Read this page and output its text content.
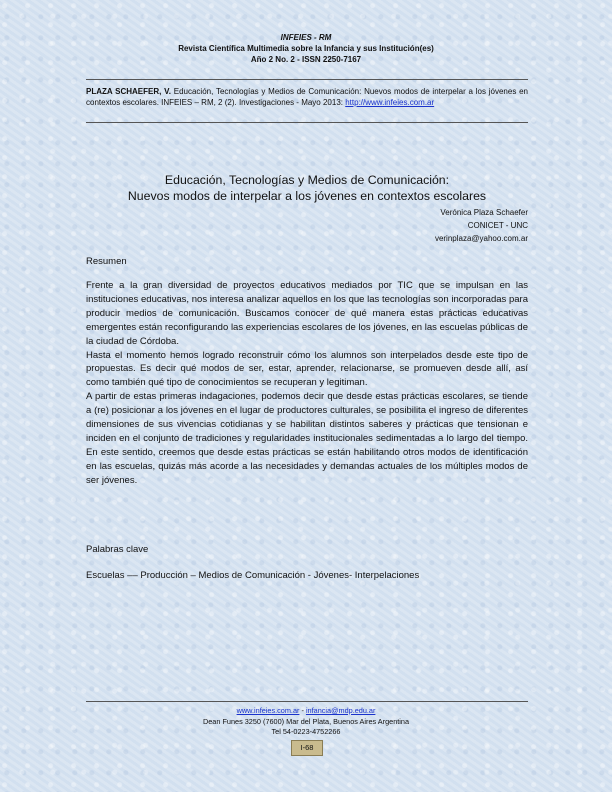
INFEIES - RM
Revista Científica Multimedia sobre la Infancia y sus Institución(es)
Año 2 No. 2 - ISSN 2250-7167
PLAZA SCHAEFER, V. Educación, Tecnologías y Medios de Comunicación: Nuevos modos de interpelar a los jóvenes en contextos escolares. INFEIES – RM, 2 (2). Investigaciones - Mayo 2013: http://www.infeies.com.ar
Educación, Tecnologías y Medios de Comunicación:
Nuevos modos de interpelar a los jóvenes en contextos escolares
Verónica Plaza Schaefer
CONICET - UNC
verinplaza@yahoo.com.ar
Resumen

Frente a la gran diversidad de proyectos educativos mediados por TIC que se impulsan en las instituciones educativas, nos interesa analizar aquellos en los que las tecnologías son incorporadas para producir medios de comunicación. Buscamos conocer de qué manera estas prácticas educativas emergentes están reconfigurando las experiencias escolares de los jóvenes, en las escuelas públicas de la ciudad de Córdoba.

Hasta el momento hemos logrado reconstruir cómo los alumnos son interpelados desde este tipo de propuestas. Es decir qué modos de ser, estar, aprender, relacionarse, se promueven desde allí, así como también qué tipo de conocimientos se recuperan y legitiman.

A partir de estas primeras indagaciones, podemos decir que desde estas prácticas escolares, se tiende a (re) posicionar a los jóvenes en el lugar de productores culturales, se posibilita el ingreso de diferentes dimensiones de sus vivencias cotidianas y se habilitan distintos saberes y prácticas que tensionan e inciden en el conjunto de tradiciones y regularidades institucionales sedimentadas a lo largo del tiempo. En este sentido, creemos que desde estas prácticas se están habilitando otros modos de identificación en las escuelas, quizás más acorde a las necesidades y demandas actuales de los múltiples modos de ser jóvenes.

Palabras clave
Escuelas –– Producción – Medios de Comunicación - Jóvenes- Interpelaciones
www.infeies.com.ar - infancia@mdp.edu.ar
Dean Funes 3250 (7600) Mar del Plata, Buenos Aires Argentina
Tel 54-0223-4752266
I-68
